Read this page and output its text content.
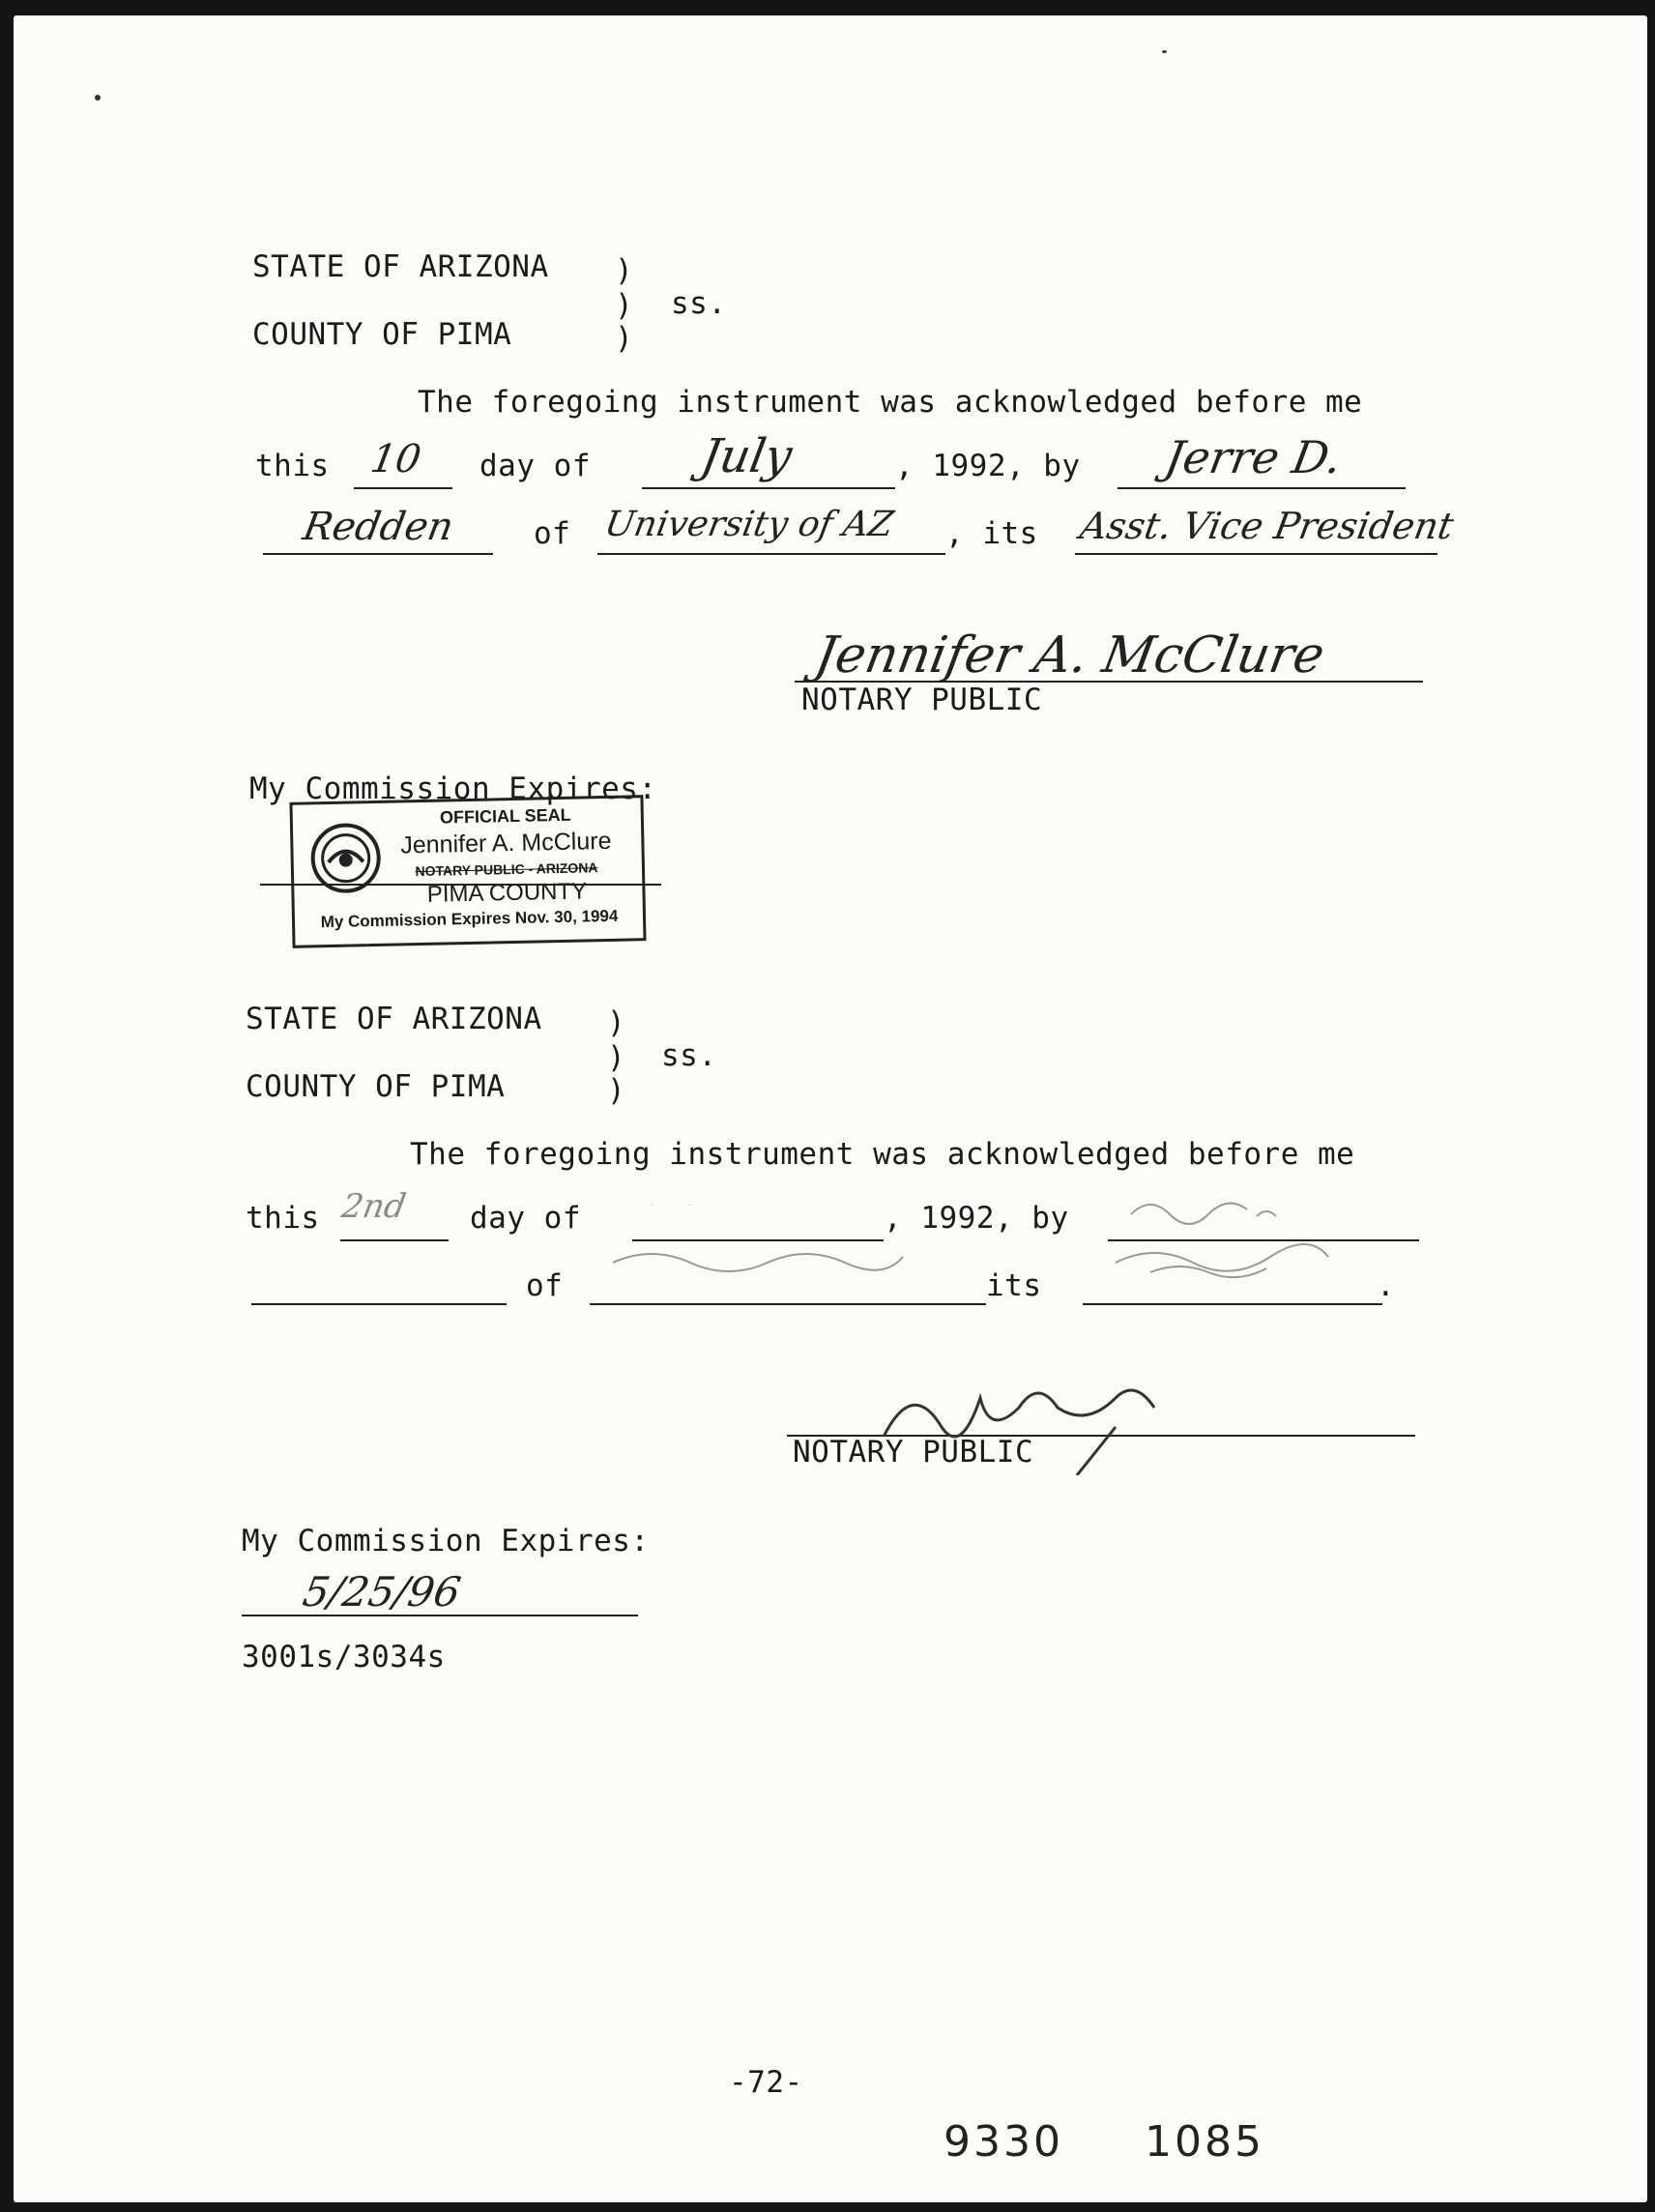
STATE OF ARIZONA )
)
)
ss.
COUNTY OF PIMA
The foregoing instrument was acknowledged before me
this 10 day of July	, 1992, by Jerre D.
Redden	of University of AZ , its Asst. Vice President
Jennifer A. McClure
NOTARY PUBLIC
My Commission Expires:
OFFICIAL SEAL
Jennifer A. McClure
NOTARY PUBLIC - ARIZONA
PIMA COUNTY
My Commission Expires Nov. 30, 1994
STATE OF ARIZONA )
)
)
ss.
COUNTY OF PIMA
The foregoing instrument was acknowledged before me
this 2nd day of	, 1992, by
of	its	.
NOTARY PUBLIC
My Commission Expires:
5/25/96
3001s/3034s
-72-
9330 1085
